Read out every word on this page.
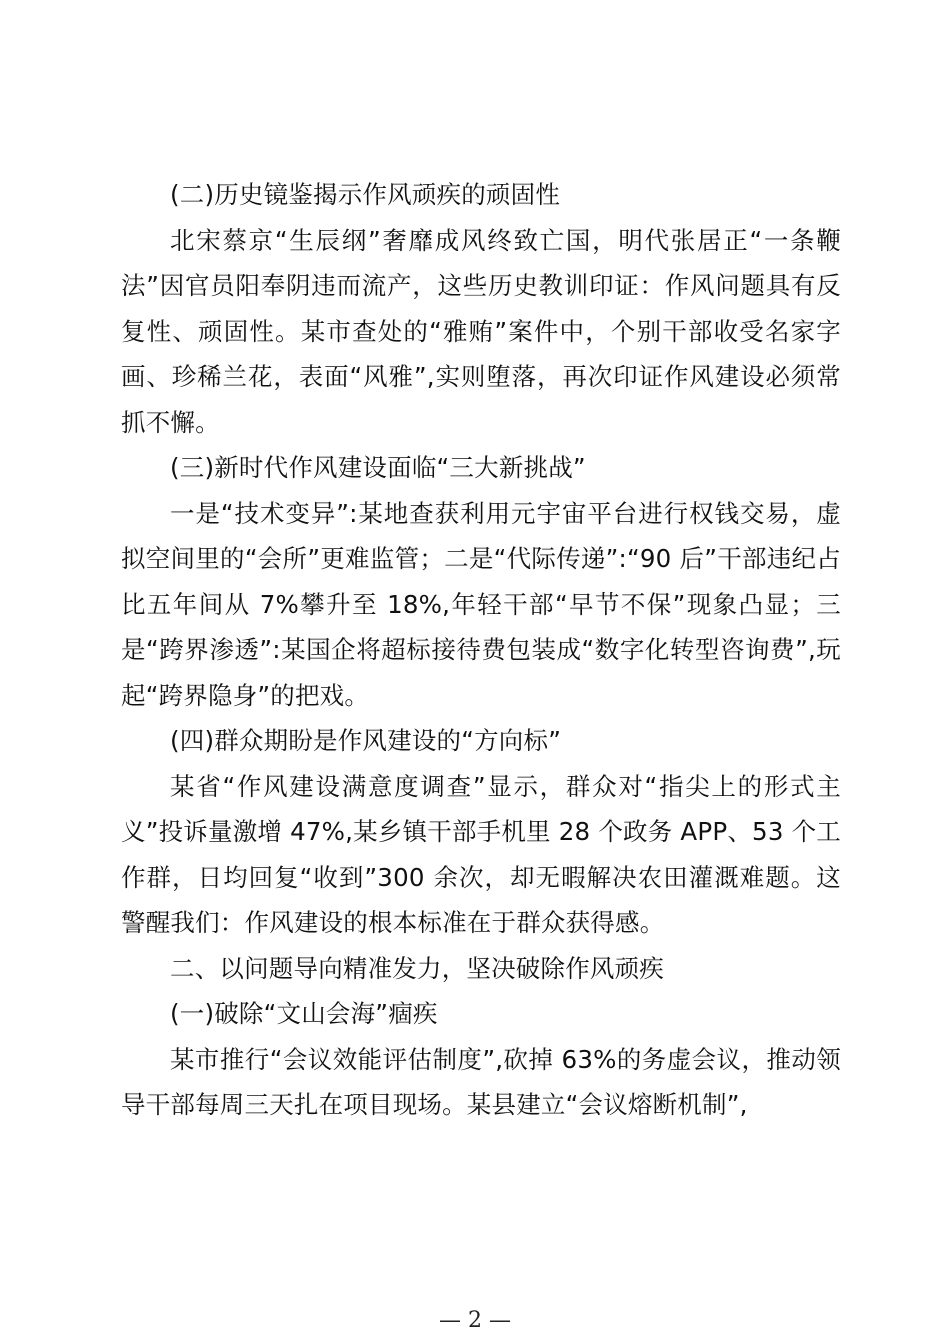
(二)历史镜鉴揭示作风顽疾的顽固性

北宋蔡京“生辰纲”奢靡成风终致亡国，明代张居正“一条鞭法”因官员阳奉阴违而流产，这些历史教训印证：作风问题具有反复性、顽固性。某市查处的“雅贿”案件中，个别干部收受名家字画、珍稀兰花，表面“风雅”,实则堕落，再次印证作风建设必须常抓不懈。

(三)新时代作风建设面临“三大新挑战”

一是“技术变异”:某地查获利用元宇宙平台进行权钱交易，虚拟空间里的“会所”更难监管；二是“代际传递”:“90 后”干部违纪占比五年间从 7%攀升至 18%,年轻干部“早节不保”现象凸显；三是“跨界渗透”:某国企将超标接待费包装成“数字化转型咨询费”,玩起“跨界隐身”的把戏。

(四)群众期盼是作风建设的“方向标”

某省“作风建设满意度调查”显示，群众对“指尖上的形式主义”投诉量激增 47%,某乡镇干部手机里 28 个政务 APP、53 个工作群，日均回复“收到”300 余次，却无暇解决农田灌溉难题。这警醒我们：作风建设的根本标准在于群众获得感。

二、以问题导向精准发力，坚决破除作风顽疾

(一)破除“文山会海”痼疾

某市推行“会议效能评估制度”,砍掉 63%的务虚会议，推动领导干部每周三天扎在项目现场。某县建立“会议熔断机制”,

— 2 —
